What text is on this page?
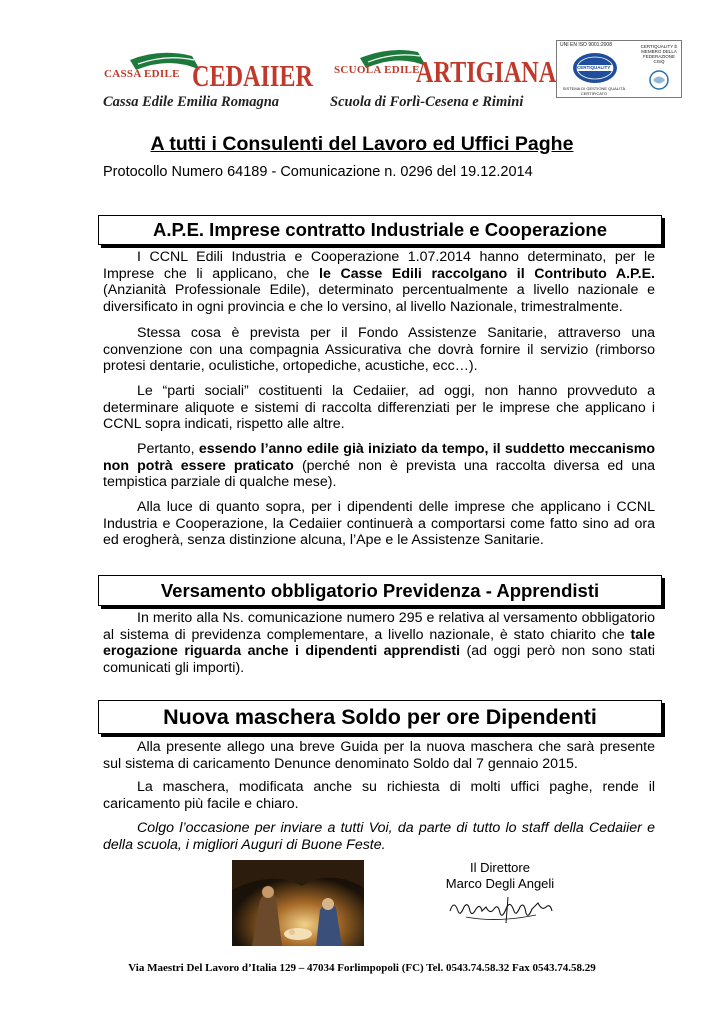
CASSA EDILE CEDAIIER SCUOLA EDILE
ARTIGIANA
UNI EN ISO 9001:2008
CERTIQUALITY
SISTEMA DI GESTIONE QUALITÀ CERTIFICATO
CERTIQUALITY È MEMBRO DELLA FEDERAZIONE CISQ
Cassa Edile Emilia Romagna	Scuola di Forlì-Cesena e Rimini
A tutti i Consulenti del Lavoro ed Uffici Paghe
Protocollo Numero 64189 - Comunicazione n. 0296 del 19.12.2014
A.P.E. Imprese contratto Industriale e Cooperazione

I CCNL Edili Industria e Cooperazione 1.07.2014 hanno determinato, per le Imprese che li applicano, che le Casse Edili raccolgano il Contributo A.P.E. (Anzianità Professionale Edile), determinato percentualmente a livello nazionale e diversificato in ogni provincia e che lo versino, al livello Nazionale, trimestralmente.

Stessa cosa è prevista per il Fondo Assistenze Sanitarie, attraverso una convenzione con una compagnia Assicurativa che dovrà fornire il servizio (rimborso protesi dentarie, oculistiche, ortopediche, acustiche, ecc…).

Le “parti sociali” costituenti la Cedaiier, ad oggi, non hanno provveduto a determinare aliquote e sistemi di raccolta differenziati per le imprese che applicano i CCNL sopra indicati, rispetto alle altre.

Pertanto, essendo l’anno edile già iniziato da tempo, il suddetto meccanismo non potrà essere praticato (perché non è prevista una raccolta diversa ed una tempistica parziale di qualche mese).

Alla luce di quanto sopra, per i dipendenti delle imprese che applicano i CCNL Industria e Cooperazione, la Cedaiier continuerà a comportarsi come fatto sino ad ora ed erogherà, senza distinzione alcuna, l’Ape e le Assistenze Sanitarie.

Versamento obbligatorio Previdenza - Apprendisti

In merito alla Ns. comunicazione numero 295 e relativa al versamento obbligatorio al sistema di previdenza complementare, a livello nazionale, è stato chiarito che tale erogazione riguarda anche i dipendenti apprendisti (ad oggi però non sono stati comunicati gli importi).

Nuova maschera Soldo per ore Dipendenti

Alla presente allego una breve Guida per la nuova maschera che sarà presente sul sistema di caricamento Denunce denominato Soldo dal 7 gennaio 2015.

La maschera, modificata anche su richiesta di molti uffici paghe, rende il caricamento più facile e chiaro.

Colgo l’occasione per inviare a tutti Voi, da parte di tutto lo staff della Cedaiier e della scuola, i migliori Auguri di Buone Feste.

Il Direttore
Marco Degli Angeli
Via Maestri Del Lavoro d’Italia 129 – 47034 Forlimpopoli (FC) Tel. 0543.74.58.32 Fax 0543.74.58.29
